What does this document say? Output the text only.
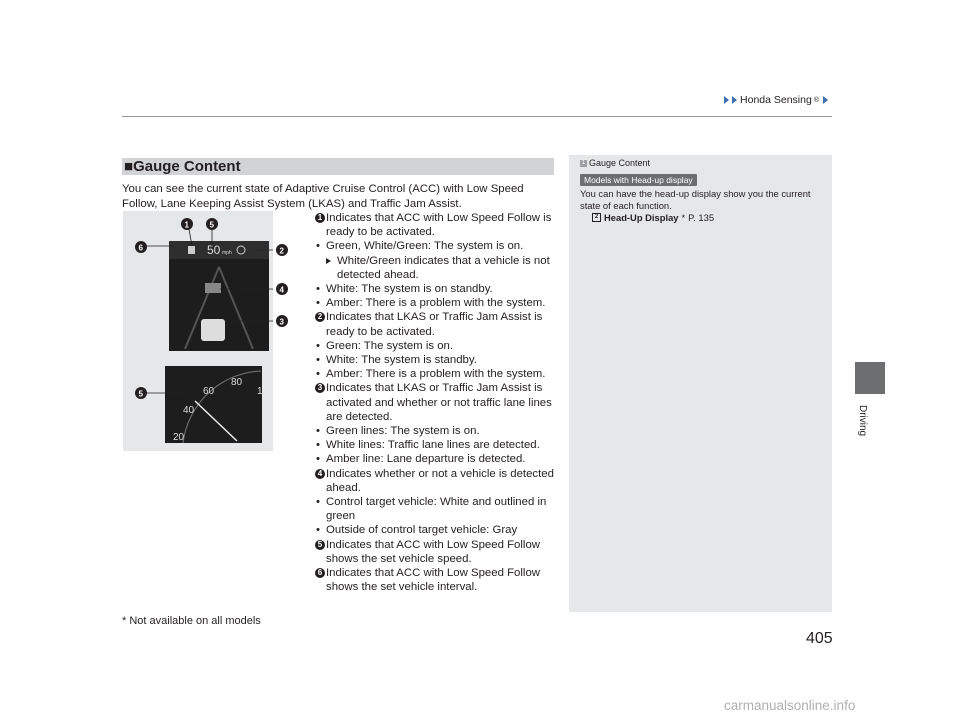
Honda Sensing ®
Driving
■Gauge Content
You can see the current state of Adaptive Cruise Control (ACC) with Low Speed Follow, Lane Keeping Assist System (LKAS) and Traffic Jam Assist.
50 mph
1	5
6
80
60
40
20
1
2
4
3
5
1 Indicates that ACC with Low Speed Follow is ready to be activated.
• Green, White/Green: The system is on.
White/Green indicates that a vehicle is not detected ahead.
• White: The system is on standby.
• Amber: There is a problem with the system.
2 Indicates that LKAS or Traffic Jam Assist is ready to be activated.
• Green: The system is on.
• White: The system is standby.
• Amber: There is a problem with the system.
3 Indicates that LKAS or Traffic Jam Assist is activated and whether or not traffic lane lines are detected.
• Green lines: The system is on.
• White lines: Traffic lane lines are detected.
• Amber line: Lane departure is detected.
4 Indicates whether or not a vehicle is detected ahead.
• Control target vehicle: White and outlined in green
• Outside of control target vehicle: Gray
5 Indicates that ACC with Low Speed Follow shows the set vehicle speed.
6 Indicates that ACC with Low Speed Follow shows the set vehicle interval.
1 Gauge Content
Models with Head-up display
You can have the head-up display show you the current state of each function.
2 Head-Up Display * P. 135
* Not available on all models
405
carmanualsonline.info
